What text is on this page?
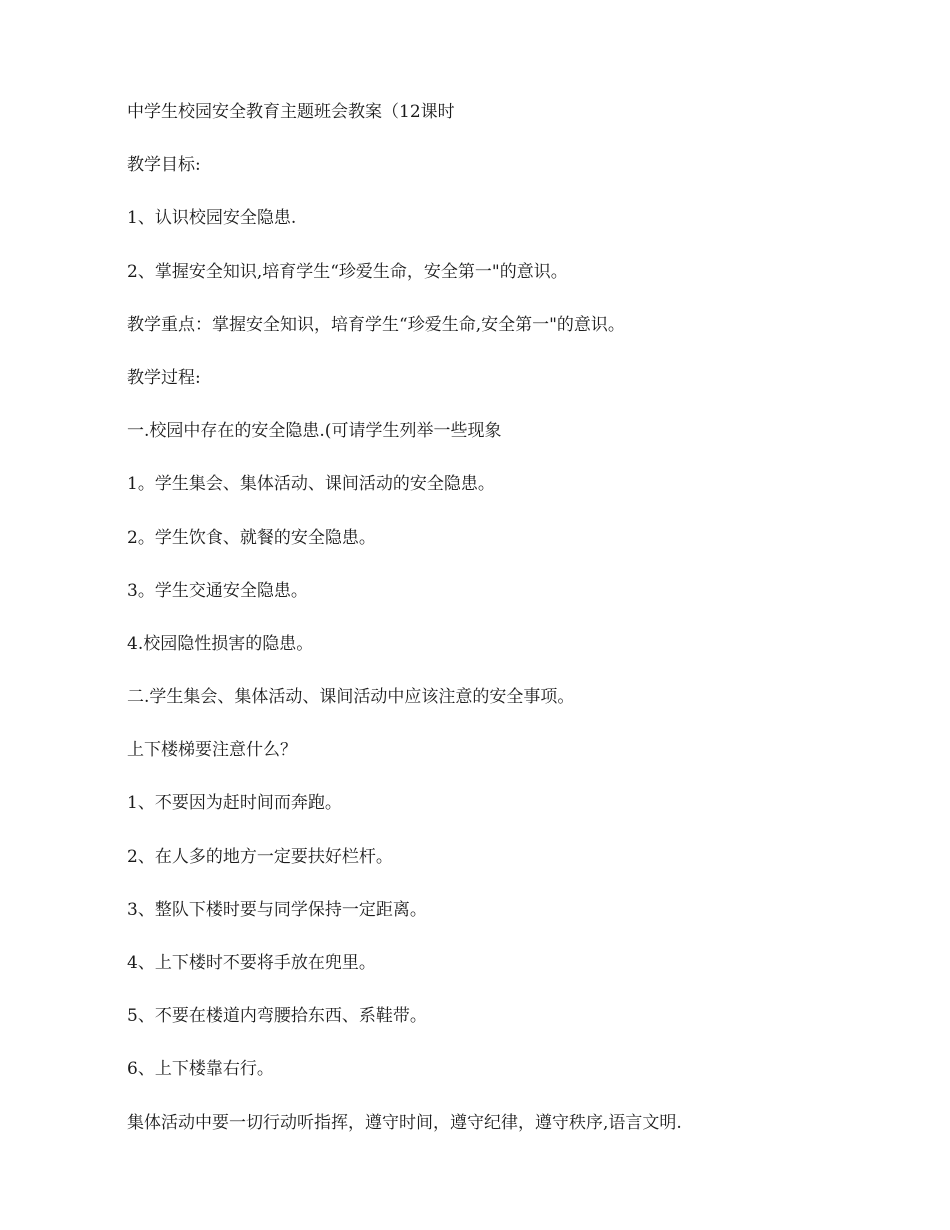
中学生校园安全教育主题班会教案（12课时

教学目标:

1、认识校园安全隐患.

2、掌握安全知识,培育学生“珍爱生命，安全第一"的意识。

教学重点：掌握安全知识，培育学生“珍爱生命,安全第一"的意识。

教学过程:

一.校园中存在的安全隐患.(可请学生列举一些现象

1。学生集会、集体活动、课间活动的安全隐患。

2。学生饮食、就餐的安全隐患。

3。学生交通安全隐患。

4.校园隐性损害的隐患。

二.学生集会、集体活动、课间活动中应该注意的安全事项。

上下楼梯要注意什么？

1、不要因为赶时间而奔跑。

2、在人多的地方一定要扶好栏杆。

3、整队下楼时要与同学保持一定距离。

4、上下楼时不要将手放在兜里。

5、不要在楼道内弯腰拾东西、系鞋带。

6、上下楼靠右行。

集体活动中要一切行动听指挥，遵守时间，遵守纪律，遵守秩序,语言文明.
